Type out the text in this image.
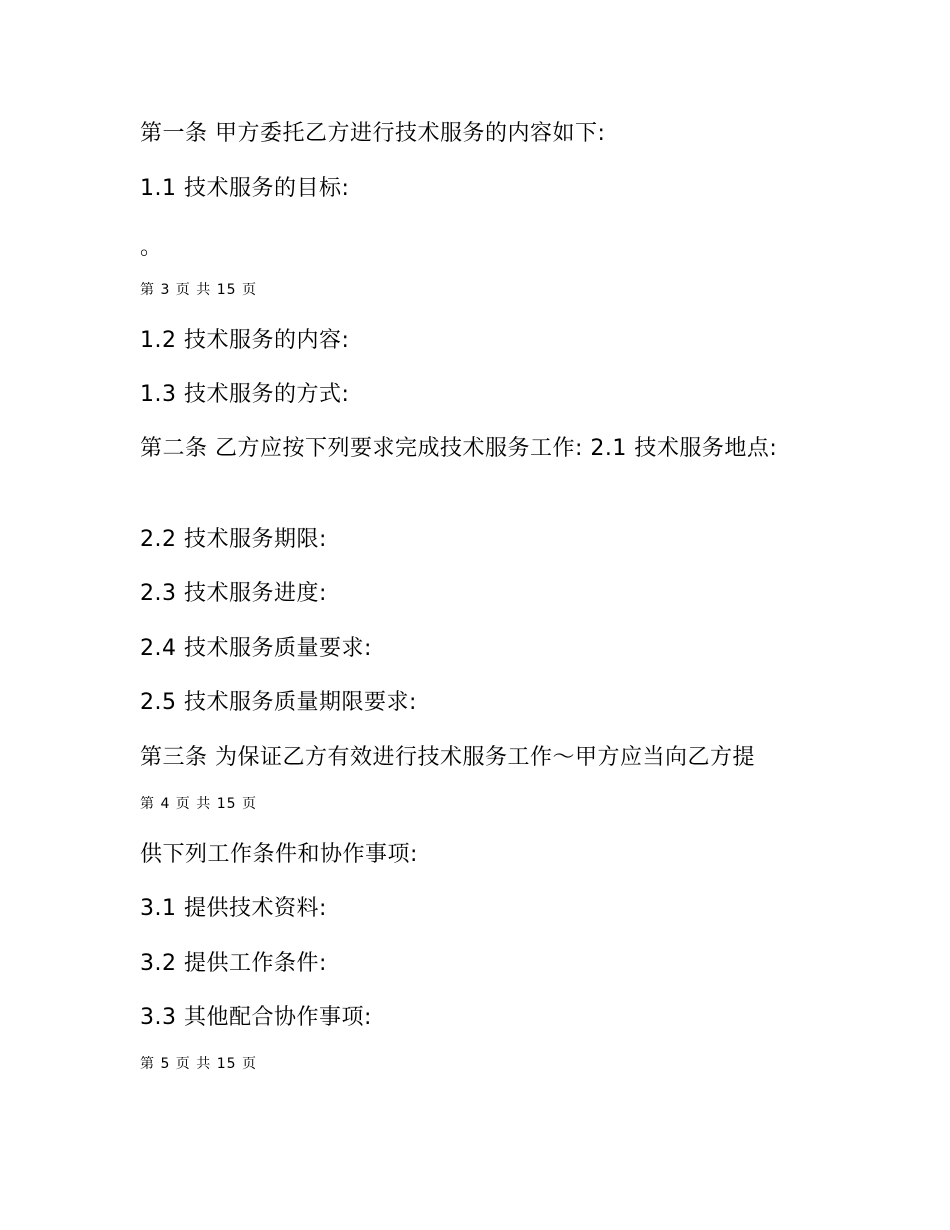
第一条 甲方委托乙方进行技术服务的内容如下:
1.1 技术服务的目标:
。
第 3 页 共 15 页
1.2 技术服务的内容:
1.3 技术服务的方式:
第二条 乙方应按下列要求完成技术服务工作: 2.1 技术服务地点:
2.2 技术服务期限:
2.3 技术服务进度:
2.4 技术服务质量要求:
2.5 技术服务质量期限要求:
第三条 为保证乙方有效进行技术服务工作～甲方应当向乙方提
第 4 页 共 15 页
供下列工作条件和协作事项:
3.1 提供技术资料:
3.2 提供工作条件:
3.3 其他配合协作事项:
第 5 页 共 15 页
